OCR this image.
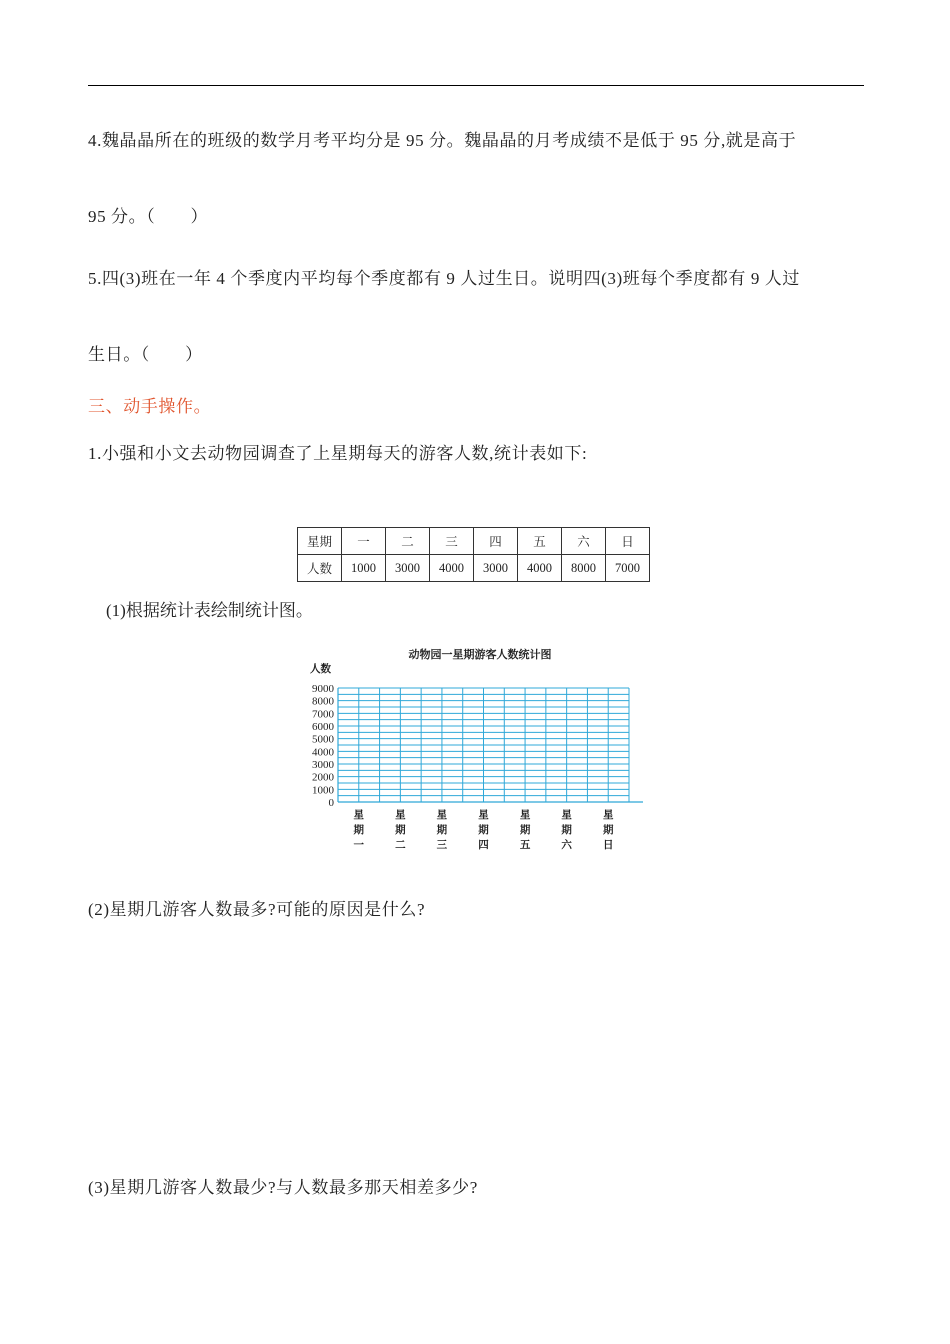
4.魏晶晶所在的班级的数学月考平均分是 95 分。魏晶晶的月考成绩不是低于 95 分,就是高于
95 分。（　　）
5.四(3)班在一年 4 个季度内平均每个季度都有 9 人过生日。说明四(3)班每个季度都有 9 人过
生日。（　　）
三、动手操作。
1.小强和小文去动物园调查了上星期每天的游客人数,统计表如下:
星期	一	二	三	四	五	六	日
人数	1000	3000	4000	3000	4000	8000	7000
(1)根据统计表绘制统计图。
动物园一星期游客人数统计图
人数
9000
8000
7000
6000
5000
4000
3000
2000
1000
0
星
期
一
星
期
二
星
期
三
星
期
四
星
期
五
星
期
六
星
期
日
(2)星期几游客人数最多?可能的原因是什么?
(3)星期几游客人数最少?与人数最多那天相差多少?
